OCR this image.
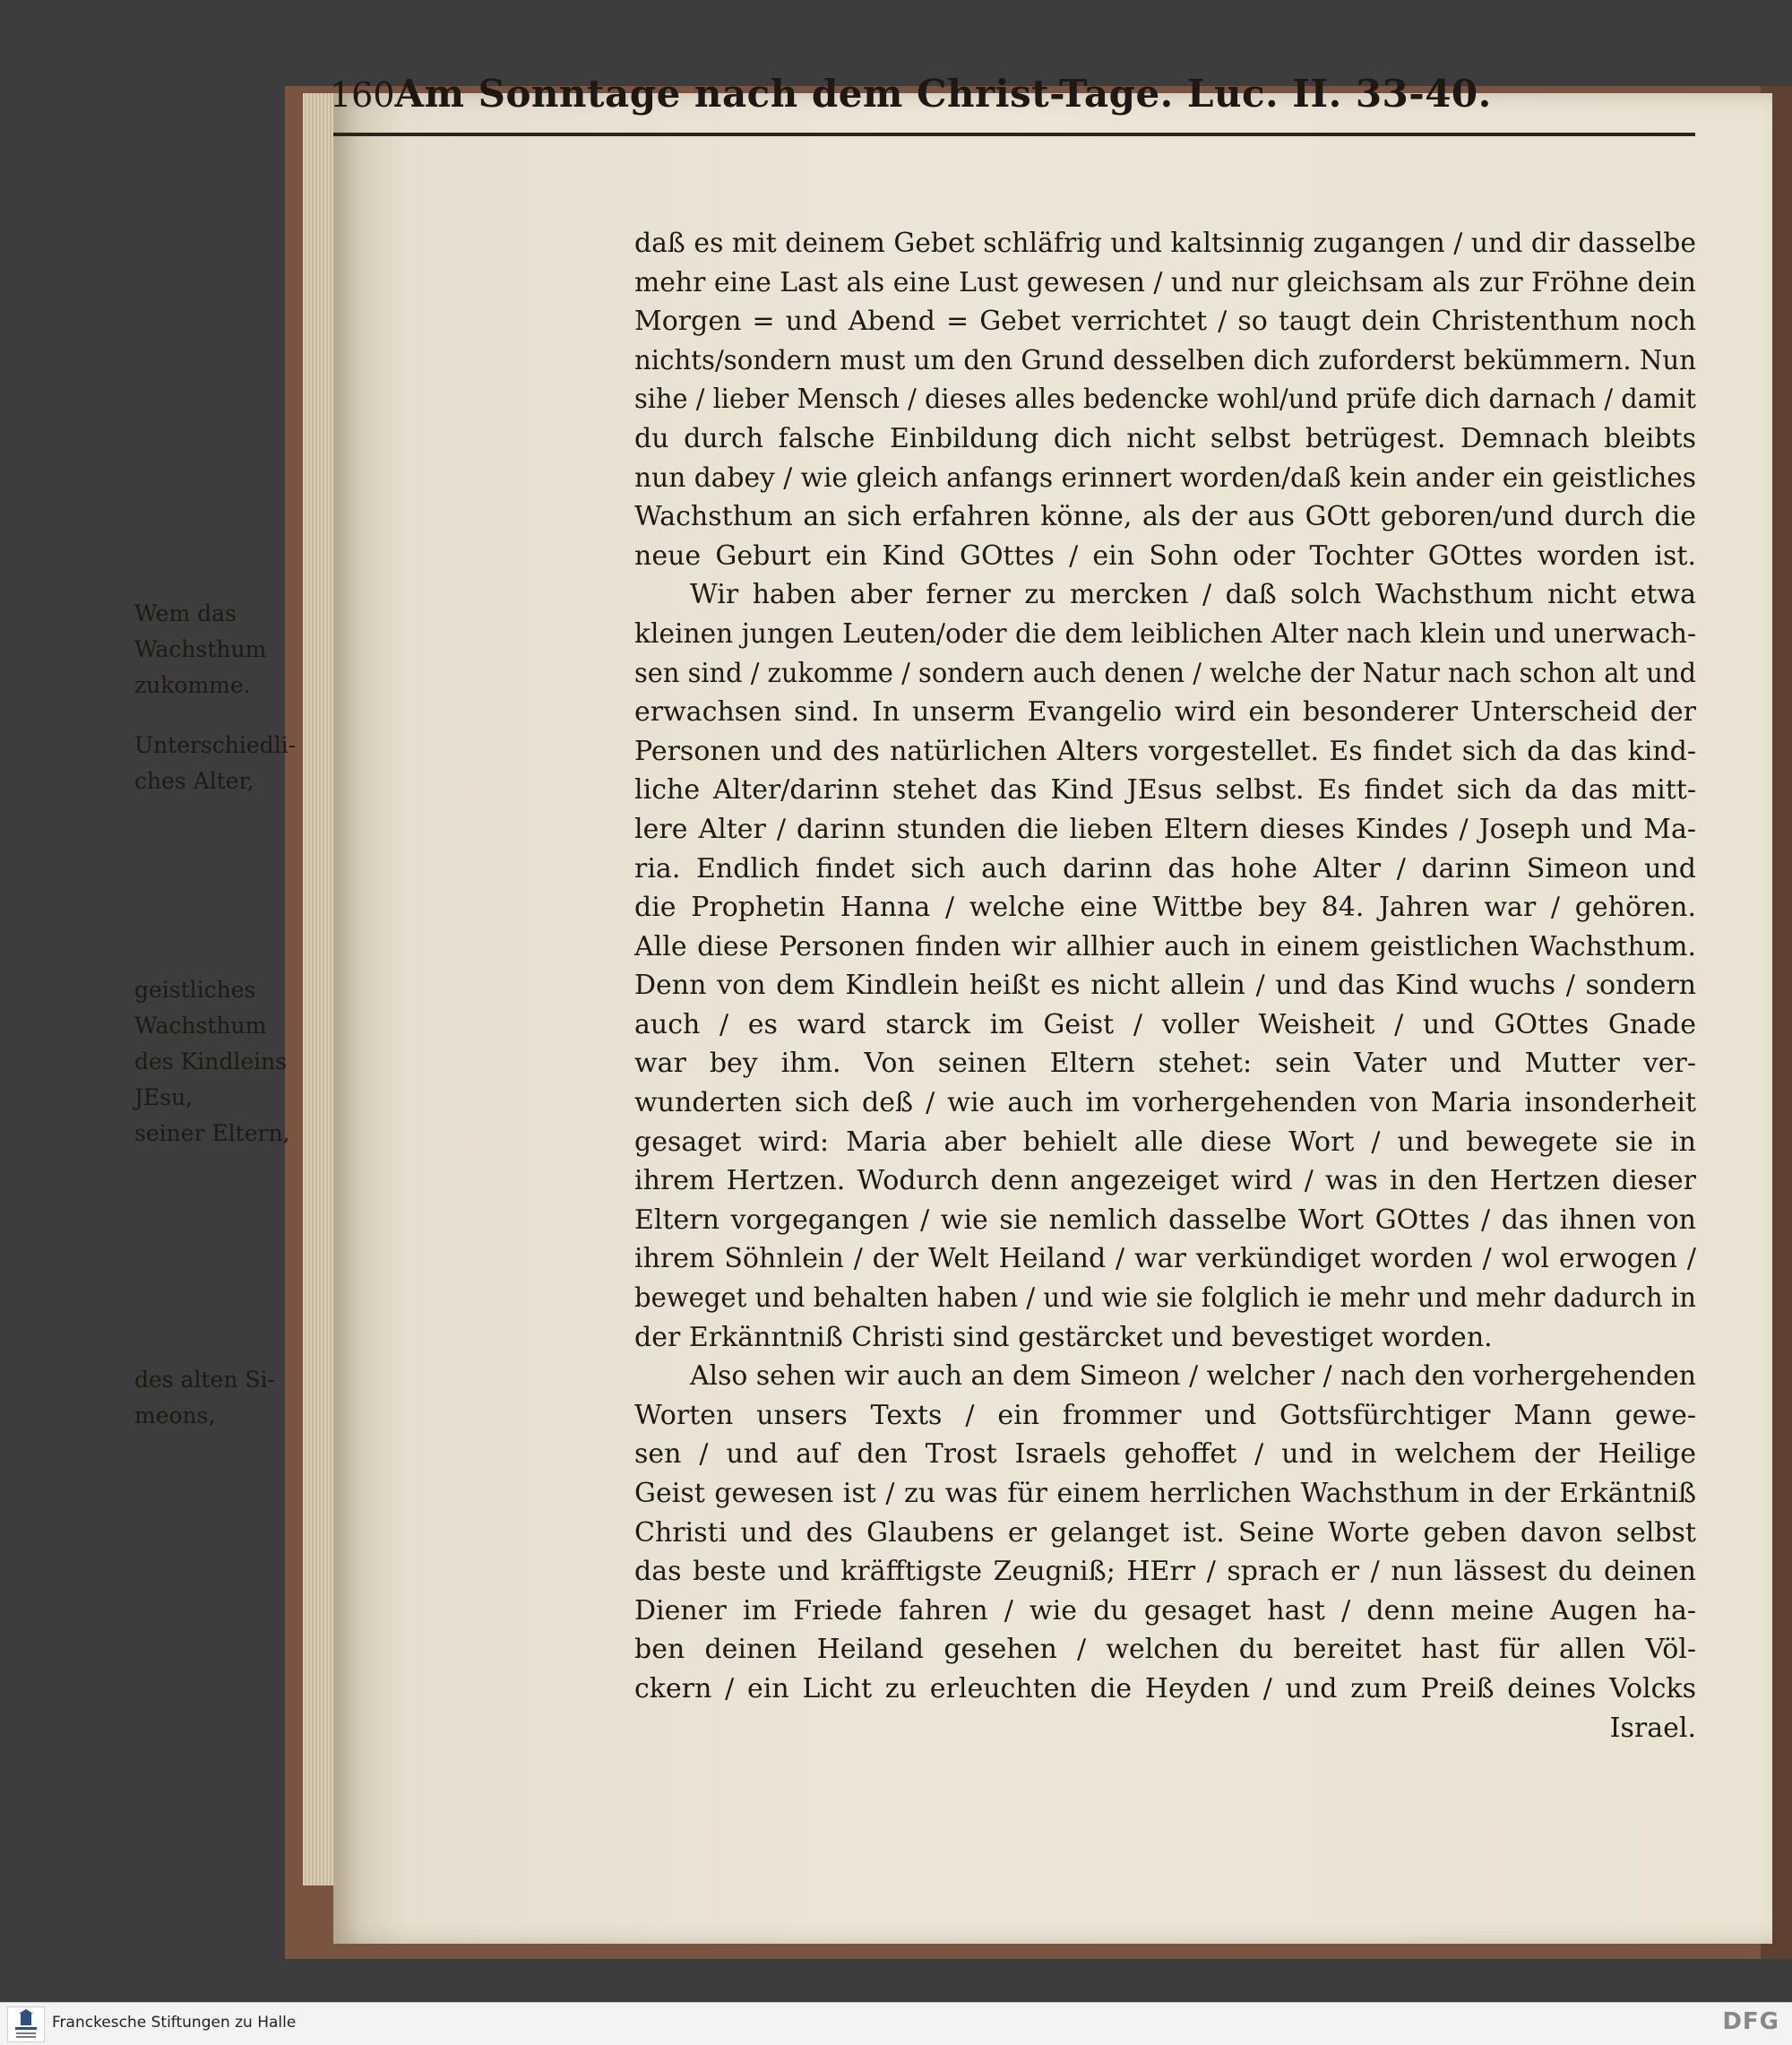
160 Am Sonntage nach dem Christ-Tage. Luc. II. 33-40.
Wem das
Wachsthum
zukomme.
Unterschiedli-
ches Alter,
geistliches
Wachsthum
des Kindleins
JEsu,
seiner Eltern,
des alten Si-
meons,
daß es mit deinem Gebet schläfrig und kaltsinnig zugangen / und dir dasselbe
mehr eine Last als eine Lust gewesen / und nur gleichsam als zur Fröhne dein
Morgen = und Abend = Gebet verrichtet / so taugt dein Christenthum noch
nichts/sondern must um den Grund desselben dich zuforderst bekümmern. Nun
sihe / lieber Mensch / dieses alles bedencke wohl/und prüfe dich darnach / damit
du durch falsche Einbildung dich nicht selbst betrügest. Demnach bleibts
nun dabey / wie gleich anfangs erinnert worden/daß kein ander ein geistliches
Wachsthum an sich erfahren könne, als der aus GOtt geboren/und durch die
neue Geburt ein Kind GOttes / ein Sohn oder Tochter GOttes worden ist.
Wir haben aber ferner zu mercken / daß solch Wachsthum nicht etwa
kleinen jungen Leuten/oder die dem leiblichen Alter nach klein und unerwach-
sen sind / zukomme / sondern auch denen / welche der Natur nach schon alt und
erwachsen sind. In unserm Evangelio wird ein besonderer Unterscheid der
Personen und des natürlichen Alters vorgestellet. Es findet sich da das kind-
liche Alter/darinn stehet das Kind JEsus selbst. Es findet sich da das mitt-
lere Alter / darinn stunden die lieben Eltern dieses Kindes / Joseph und Ma-
ria. Endlich findet sich auch darinn das hohe Alter / darinn Simeon und
die Prophetin Hanna / welche eine Wittbe bey 84. Jahren war / gehören.
Alle diese Personen finden wir allhier auch in einem geistlichen Wachsthum.
Denn von dem Kindlein heißt es nicht allein / und das Kind wuchs / sondern
auch / es ward starck im Geist / voller Weisheit / und GOttes Gnade
war bey ihm. Von seinen Eltern stehet: sein Vater und Mutter ver-
wunderten sich deß / wie auch im vorhergehenden von Maria insonderheit
gesaget wird: Maria aber behielt alle diese Wort / und bewegete sie in
ihrem Hertzen. Wodurch denn angezeiget wird / was in den Hertzen dieser
Eltern vorgegangen / wie sie nemlich dasselbe Wort GOttes / das ihnen von
ihrem Söhnlein / der Welt Heiland / war verkündiget worden / wol erwogen /
beweget und behalten haben / und wie sie folglich ie mehr und mehr dadurch in
der Erkänntniß Christi sind gestärcket und bevestiget worden.
Also sehen wir auch an dem Simeon / welcher / nach den vorhergehenden
Worten unsers Texts / ein frommer und Gottsfürchtiger Mann gewe-
sen / und auf den Trost Israels gehoffet / und in welchem der Heilige
Geist gewesen ist / zu was für einem herrlichen Wachsthum in der Erkäntniß
Christi und des Glaubens er gelanget ist. Seine Worte geben davon selbst
das beste und kräfftigste Zeugniß; HErr / sprach er / nun lässest du deinen
Diener im Friede fahren / wie du gesaget hast / denn meine Augen ha-
ben deinen Heiland gesehen / welchen du bereitet hast für allen Völ-
ckern / ein Licht zu erleuchten die Heyden / und zum Preiß deines Volcks
Israel.
Franckesche Stiftungen zu Halle	DFG
